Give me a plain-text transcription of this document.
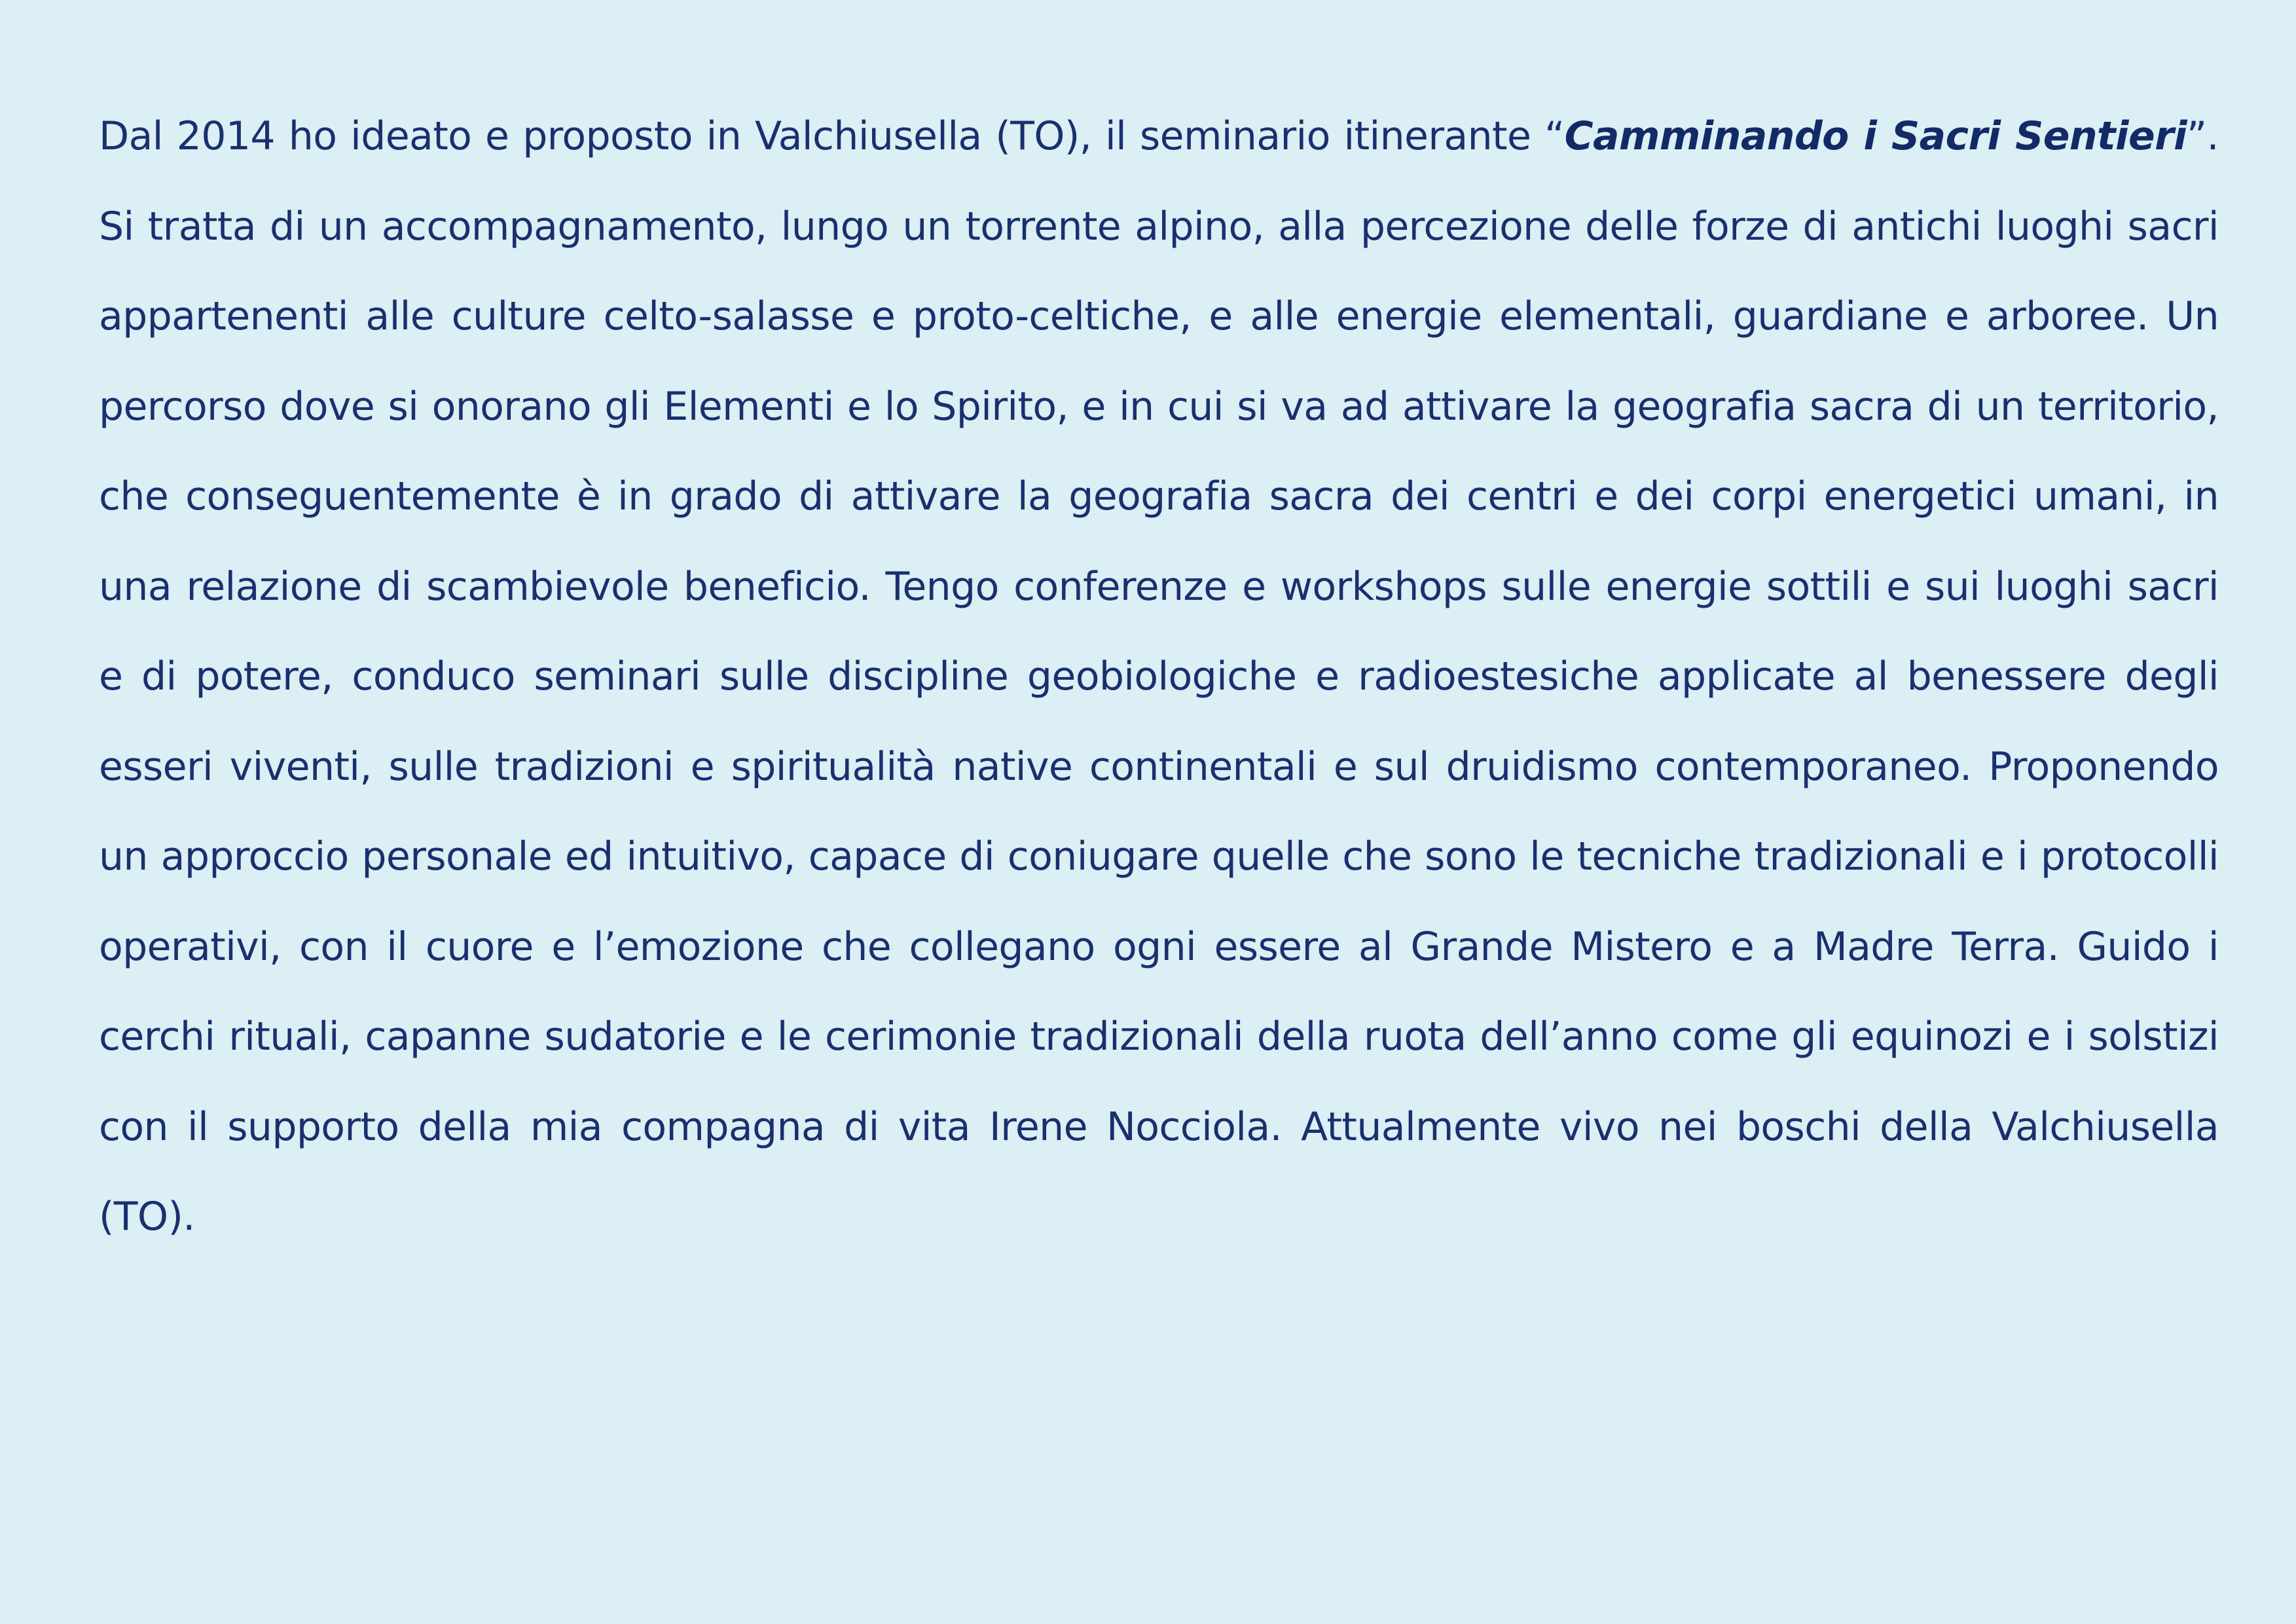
Dal 2014 ho ideato e proposto in Valchiusella (TO), il seminario itinerante “Camminando i Sacri Sentieri”. Si tratta di un accompagnamento, lungo un torrente alpino, alla percezione delle forze di antichi luoghi sacri appartenenti alle culture celto-salasse e proto-celtiche, e alle energie elementali, guardiane e arboree. Un percorso dove si onorano gli Elementi e lo Spirito, e in cui si va ad attivare la geografia sacra di un territorio, che conseguentemente è in grado di attivare la geografia sacra dei centri e dei corpi energetici umani, in una relazione di scambievole beneficio. Tengo conferenze e workshops sulle energie sottili e sui luoghi sacri e di potere, conduco seminari sulle discipline geobiologiche e radioestesiche applicate al benessere degli esseri viventi, sulle tradizioni e spiritualità native continentali e sul druidismo contemporaneo. Proponendo un approccio personale ed intuitivo, capace di coniugare quelle che sono le tecniche tradizionali e i protocolli operativi, con il cuore e l’emozione che collegano ogni essere al Grande Mistero e a Madre Terra. Guido i cerchi rituali, capanne sudatorie e le cerimonie tradizionali della ruota dell’anno come gli equinozi e i solstizi con il supporto della mia compagna di vita Irene Nocciola. Attualmente vivo nei boschi della Valchiusella (TO).
